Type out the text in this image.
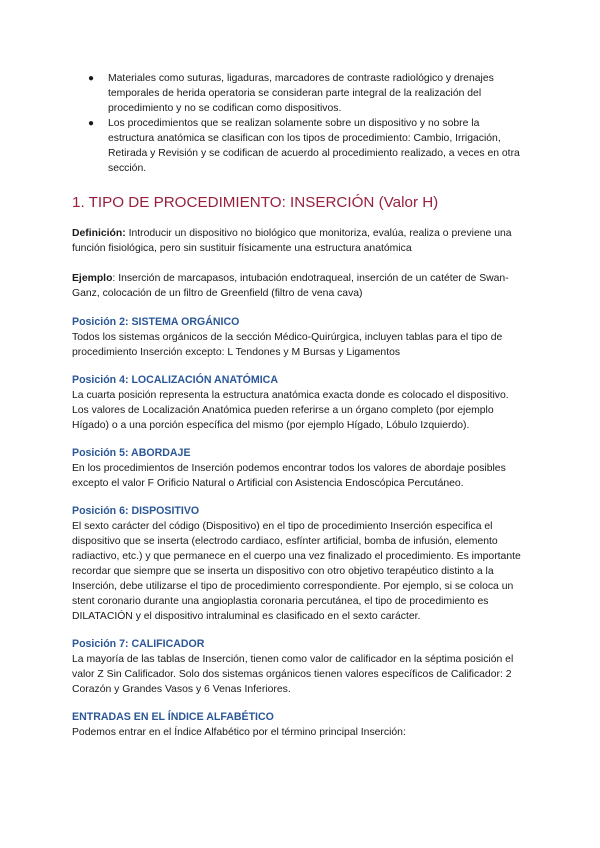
● Materiales como suturas, ligaduras, marcadores de contraste radiológico y drenajes temporales de herida operatoria se consideran parte integral de la realización del procedimiento y no se codifican como dispositivos.
● Los procedimientos que se realizan solamente sobre un dispositivo y no sobre la estructura anatómica se clasifican con los tipos de procedimiento: Cambio, Irrigación, Retirada y Revisión y se codifican de acuerdo al procedimiento realizado, a veces en otra sección.
1. TIPO DE PROCEDIMIENTO: INSERCIÓN (Valor H)

Definición: Introducir un dispositivo no biológico que monitoriza, evalúa, realiza o previene una función fisiológica, pero sin sustituir físicamente una estructura anatómica

Ejemplo: Inserción de marcapasos, intubación endotraqueal, inserción de un catéter de Swan-Ganz, colocación de un filtro de Greenfield (filtro de vena cava)

Posición 2: SISTEMA ORGÁNICO

Todos los sistemas orgánicos de la sección Médico-Quirúrgica, incluyen tablas para el tipo de procedimiento Inserción excepto: L Tendones y M Bursas y Ligamentos

Posición 4: LOCALIZACIÓN ANATÓMICA

La cuarta posición representa la estructura anatómica exacta donde es colocado el dispositivo. Los valores de Localización Anatómica pueden referirse a un órgano completo (por ejemplo Hígado) o a una porción específica del mismo (por ejemplo Hígado, Lóbulo Izquierdo).

Posición 5: ABORDAJE

En los procedimientos de Inserción podemos encontrar todos los valores de abordaje posibles excepto el valor F Orificio Natural o Artificial con Asistencia Endoscópica Percutáneo.

Posición 6: DISPOSITIVO

El sexto carácter del código (Dispositivo) en el tipo de procedimiento Inserción especifica el dispositivo que se inserta (electrodo cardiaco, esfínter artificial, bomba de infusión, elemento radiactivo, etc.) y que permanece en el cuerpo una vez finalizado el procedimiento. Es importante recordar que siempre que se inserta un dispositivo con otro objetivo terapéutico distinto a la Inserción, debe utilizarse el tipo de procedimiento correspondiente. Por ejemplo, si se coloca un stent coronario durante una angioplastia coronaria percutánea, el tipo de procedimiento es DILATACIÓN y el dispositivo intraluminal es clasificado en el sexto carácter.

Posición 7: CALIFICADOR

La mayoría de las tablas de Inserción, tienen como valor de calificador en la séptima posición el valor Z Sin Calificador. Solo dos sistemas orgánicos tienen valores específicos de Calificador: 2 Corazón y Grandes Vasos y 6 Venas Inferiores.

ENTRADAS EN EL ÍNDICE ALFABÉTICO

Podemos entrar en el Índice Alfabético por el término principal Inserción:
